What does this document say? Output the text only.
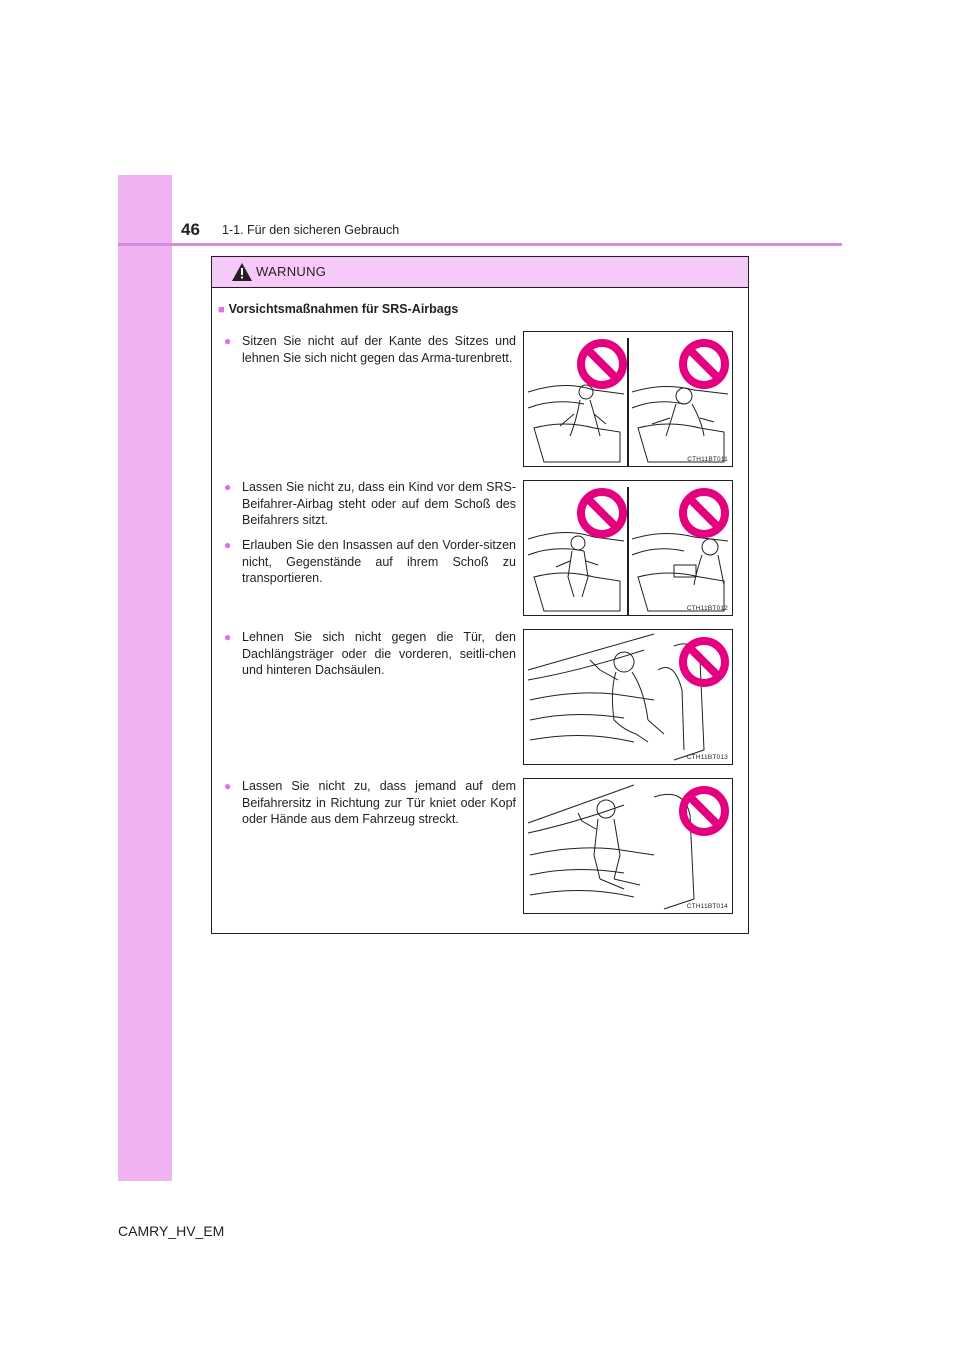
46 1-1. Für den sicheren Gebrauch
WARNUNG
■ Vorsichtsmaßnahmen für SRS-Airbags
● Sitzen Sie nicht auf der Kante des Sitzes und lehnen Sie sich nicht gegen das Arma-turenbrett.
● Lassen Sie nicht zu, dass ein Kind vor dem SRS-Beifahrer-Airbag steht oder auf dem Schoß des Beifahrers sitzt.
● Erlauben Sie den Insassen auf den Vorder-sitzen nicht, Gegenstände auf ihrem Schoß zu transportieren.
● Lehnen Sie sich nicht gegen die Tür, den Dachlängsträger oder die vorderen, seitli-chen und hinteren Dachsäulen.
● Lassen Sie nicht zu, dass jemand auf dem Beifahrersitz in Richtung zur Tür kniet oder Kopf oder Hände aus dem Fahrzeug streckt.
CTH11BT011
CTH11BT012
CTH11BT013
CTH11BT014
CAMRY_HV_EM
